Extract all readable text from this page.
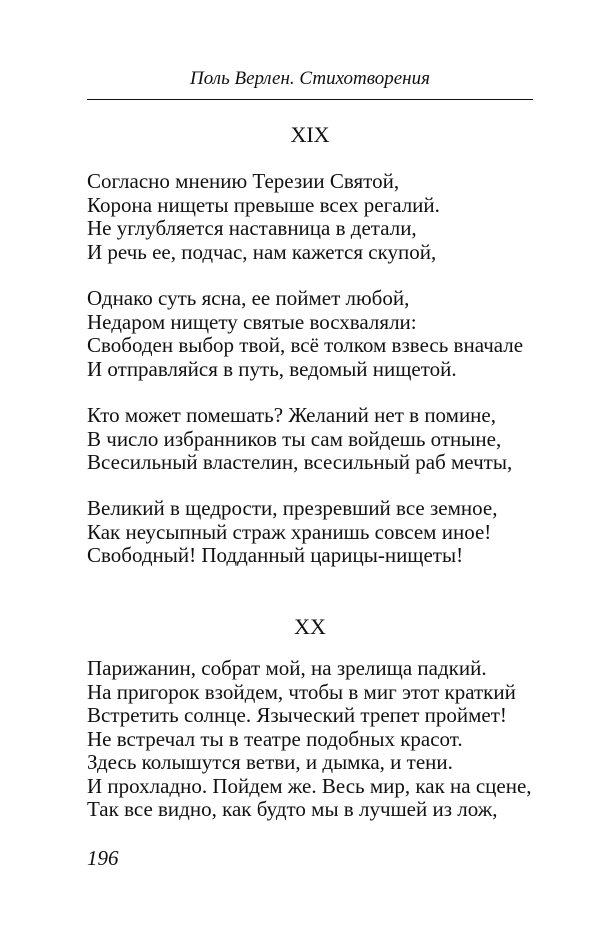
Поль Верлен. Стихотворения
XIX
Согласно мнению Терезии Святой,
Корона нищеты превыше всех регалий.
Не углубляется наставница в детали,
И речь ее, подчас, нам кажется скупой,
Однако суть ясна, ее поймет любой,
Недаром нищету святые восхваляли:
Свободен выбор твой, всё толком взвесь вначале
И отправляйся в путь, ведомый нищетой.
Кто может помешать? Желаний нет в помине,
В число избранников ты сам войдешь отныне,
Всесильный властелин, всесильный раб мечты,
Великий в щедрости, презревший все земное,
Как неусыпный страж хранишь совсем иное!
Свободный! Подданный царицы-нищеты!
XX
Парижанин, собрат мой, на зрелища падкий.
На пригорок взойдем, чтобы в миг этот краткий
Встретить солнце. Языческий трепет проймет!
Не встречал ты в театре подобных красот.
Здесь колышутся ветви, и дымка, и тени.
И прохладно. Пойдем же. Весь мир, как на сцене,
Так все видно, как будто мы в лучшей из лож,
196
